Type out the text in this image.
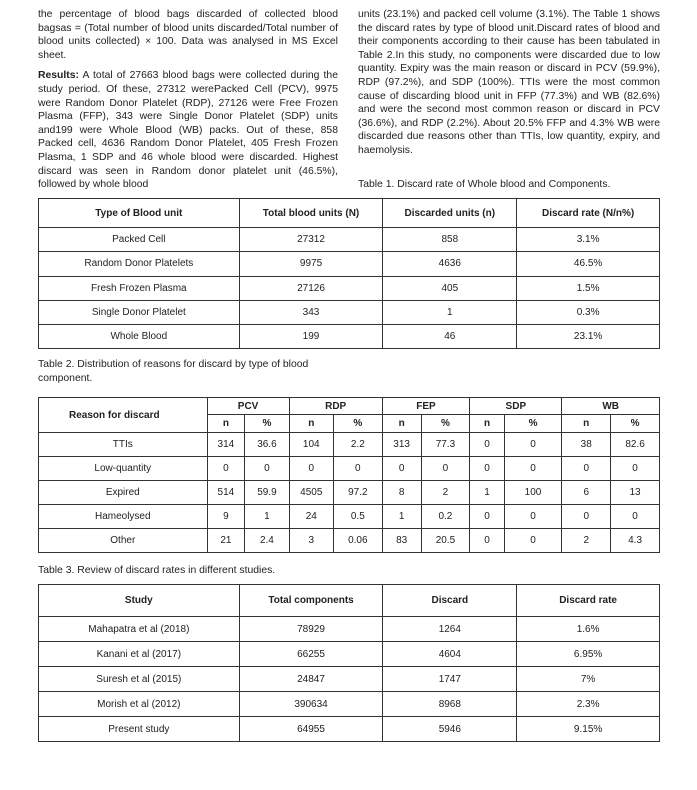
the percentage of blood bags discarded of collected blood bagsas = (Total number of blood units discarded/Total number of blood units collected) × 100. Data was analysed in MS Excel sheet.

Results: A total of 27663 blood bags were collected during the study period. Of these, 27312 werePacked Cell (PCV), 9975 were Random Donor Platelet (RDP), 27126 were Free Frozen Plasma (FFP), 343 were Single Donor Platelet (SDP) units and199 were Whole Blood (WB) packs. Out of these, 858 Packed cell, 4636 Random Donor Platelet, 405 Fresh Frozen Plasma, 1 SDP and 46 whole blood were discarded. Highest discard was seen in Random donor platelet unit (46.5%), followed by whole blood

units (23.1%) and packed cell volume (3.1%). The Table 1 shows the discard rates by type of blood unit.Discard rates of blood and their components according to their cause has been tabulated in Table 2.In this study, no components were discarded due to low quantity. Expiry was the main reason or discard in PCV (59.9%), RDP (97.2%), and SDP (100%). TTIs were the most common cause of discarding blood unit in FFP (77.3%) and WB (82.6%) and were the second most common reason or discard in PCV (36.6%), and RDP (2.2%). About 20.5% FFP and 4.3% WB were discarded due reasons other than TTIs, low quantity, expiry, and haemolysis.

Table 1. Discard rate of Whole blood and Components.
Type of Blood unit	Total blood units (N)	Discarded units (n)	Discard rate (N/n%)
Packed Cell	27312	858	3.1%
Random Donor Platelets	9975	4636	46.5%
Fresh Frozen Plasma	27126	405	1.5%
Single Donor Platelet	343	1	0.3%
Whole Blood	199	46	23.1%
Table 2. Distribution of reasons for discard by type of blood component.
Reason for discard	PCV		RDP		FEP		SDP		WB	
	n	%	n	%	n	%	n	%	n	%
TTIs	314	36.6	104	2.2	313	77.3	0	0	38	82.6
Low-quantity	0	0	0	0	0	0	0	0	0	0
Expired	514	59.9	4505	97.2	8	2	1	100	6	13
Hameolysed	9	1	24	0.5	1	0.2	0	0	0	0
Other	21	2.4	3	0.06	83	20.5	0	0	2	4.3
Table 3. Review of discard rates in different studies.
Study	Total components	Discard	Discard rate
Mahapatra et al (2018)	78929	1264	1.6%
Kanani et al (2017)	66255	4604	6.95%
Suresh et al (2015)	24847	1747	7%
Morish et al (2012)	390634	8968	2.3%
Present study	64955	5946	9.15%
